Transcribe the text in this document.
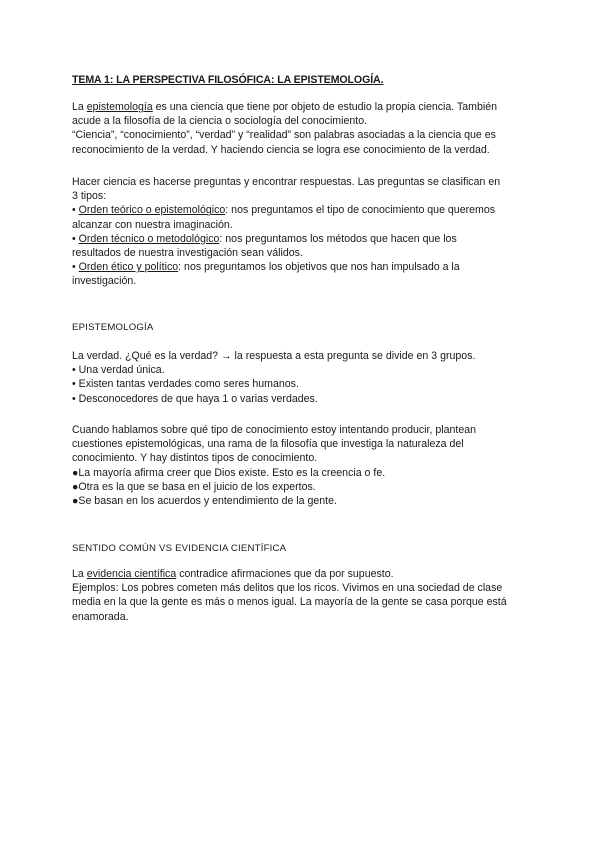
TEMA 1: LA PERSPECTIVA FILOSÓFICA: LA EPISTEMOLOGÍA.

La epistemología es una ciencia que tiene por objeto de estudio la propia ciencia. También
acude a la filosofía de la ciencia o sociología del conocimiento.

“Ciencia”, “conocimiento”, “verdad” y “realidad” son palabras asociadas a la ciencia que es
reconocimiento de la verdad. Y haciendo ciencia se logra ese conocimiento de la verdad.

Hacer ciencia es hacerse preguntas y encontrar respuestas. Las preguntas se clasifican en
3 tipos:

• Orden teórico o epistemológico: nos preguntamos el tipo de conocimiento que queremos
alcanzar con nuestra imaginación.

• Orden técnico o metodológico: nos preguntamos los métodos que hacen que los
resultados de nuestra investigación sean válidos.

• Orden ético y político: nos preguntamos los objetivos que nos han impulsado a la
investigación.

EPISTEMOLOGÍA

La verdad. ¿Qué es la verdad? → la respuesta a esta pregunta se divide en 3 grupos.

• Una verdad única.

• Existen tantas verdades como seres humanos.

• Desconocedores de que haya 1 o varias verdades.

Cuando hablamos sobre qué tipo de conocimiento estoy intentando producir, plantean

cuestiones epistemológicas, una rama de la filosofía que investiga la naturaleza del

conocimiento. Y hay distintos tipos de conocimiento.

●La mayoría afirma creer que Dios existe. Esto es la creencia o fe.

●Otra es la que se basa en el juicio de los expertos.

●Se basan en los acuerdos y entendimiento de la gente.

SENTIDO COMÚN VS EVIDENCIA CIENTÍFICA

La evidencia científica contradice afirmaciones que da por supuesto.

Ejemplos: Los pobres cometen más delitos que los ricos. Vivimos en una sociedad de clase

media en la que la gente es más o menos igual. La mayoría de la gente se casa porque está

enamorada.
